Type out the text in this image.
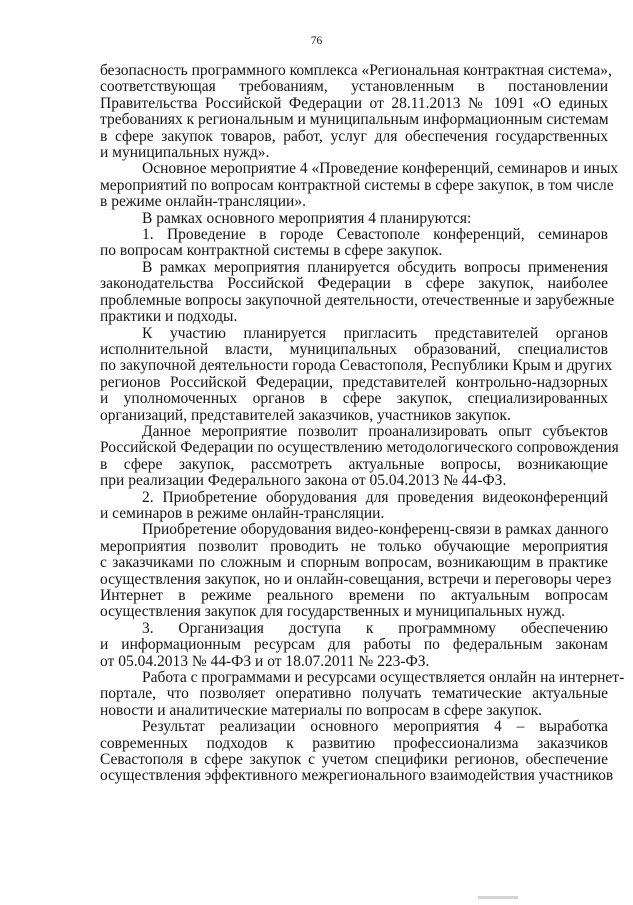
76
безопасность программного комплекса «Региональная контрактная система»,
соответствующая требованиям, установленным в постановлении
Правительства Российской Федерации от 28.11.2013 № 1091 «О единых
требованиях к региональным и муниципальным информационным системам
в сфере закупок товаров, работ, услуг для обеспечения государственных
и муниципальных нужд».
Основное мероприятие 4 «Проведение конференций, семинаров и иных
мероприятий по вопросам контрактной системы в сфере закупок, в том числе
в режиме онлайн-трансляции».
В рамках основного мероприятия 4 планируются:
1. Проведение в городе Севастополе конференций, семинаров
по вопросам контрактной системы в сфере закупок.
В рамках мероприятия планируется обсудить вопросы применения
законодательства Российской Федерации в сфере закупок, наиболее
проблемные вопросы закупочной деятельности, отечественные и зарубежные
практики и подходы.
К участию планируется пригласить представителей органов
исполнительной власти, муниципальных образований, специалистов
по закупочной деятельности города Севастополя, Республики Крым и других
регионов Российской Федерации, представителей контрольно-надзорных
и уполномоченных органов в сфере закупок, специализированных
организаций, представителей заказчиков, участников закупок.
Данное мероприятие позволит проанализировать опыт субъектов
Российской Федерации по осуществлению методологического сопровождения
в сфере закупок, рассмотреть актуальные вопросы, возникающие
при реализации Федерального закона от 05.04.2013 № 44-ФЗ.
2. Приобретение оборудования для проведения видеоконференций
и семинаров в режиме онлайн-трансляции.
Приобретение оборудования видео-конференц-связи в рамках данного
мероприятия позволит проводить не только обучающие мероприятия
с заказчиками по сложным и спорным вопросам, возникающим в практике
осуществления закупок, но и онлайн-совещания, встречи и переговоры через
Интернет в режиме реального времени по актуальным вопросам
осуществления закупок для государственных и муниципальных нужд.
3. Организация доступа к программному обеспечению
и информационным ресурсам для работы по федеральным законам
от 05.04.2013 № 44-ФЗ и от 18.07.2011 № 223-ФЗ.
Работа с программами и ресурсами осуществляется онлайн на интернет-
портале, что позволяет оперативно получать тематические актуальные
новости и аналитические материалы по вопросам в сфере закупок.
Результат реализации основного мероприятия 4 – выработка
современных подходов к развитию профессионализма заказчиков
Севастополя в сфере закупок с учетом специфики регионов, обеспечение
осуществления эффективного межрегионального взаимодействия участников
